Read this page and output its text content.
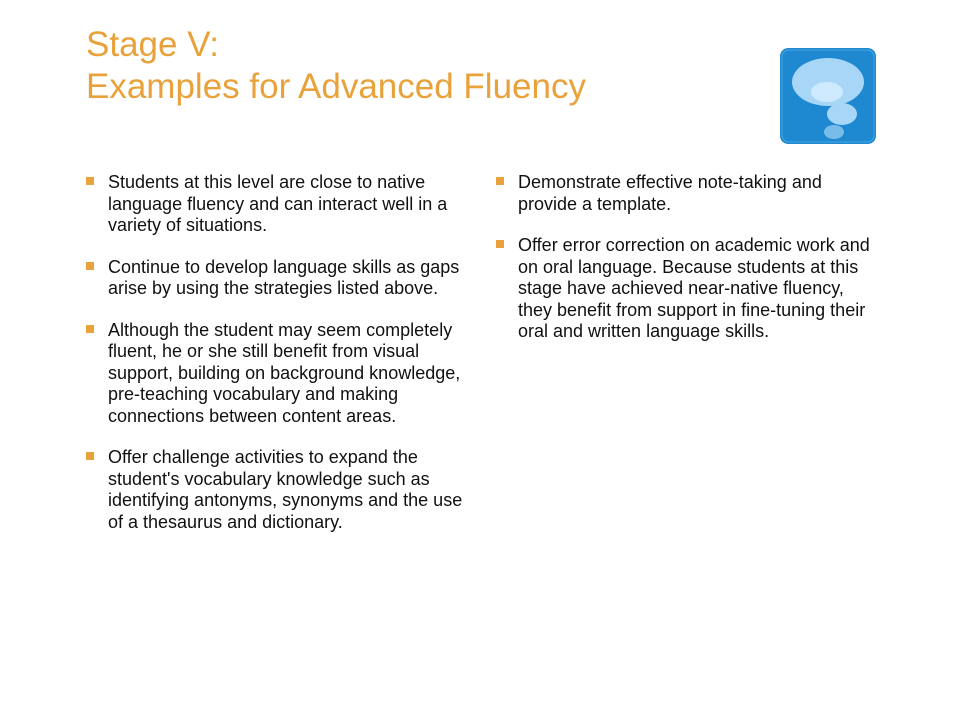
Stage V:
Examples for Advanced Fluency
Students at this level are close to native language fluency and can interact well in a variety of situations.
Continue to develop language skills as gaps arise by using the strategies listed above.
Although the student may seem completely fluent, he or she still benefit from visual support, building on background knowledge, pre-teaching vocabulary and making connections between content areas.
Offer challenge activities to expand the student's vocabulary knowledge such as identifying antonyms, synonyms and the use of a thesaurus and dictionary.
Demonstrate effective note-taking and provide a template.
Offer error correction on academic work and on oral language. Because students at this stage have achieved near-native fluency, they benefit from support in fine-tuning their oral and written language skills.
